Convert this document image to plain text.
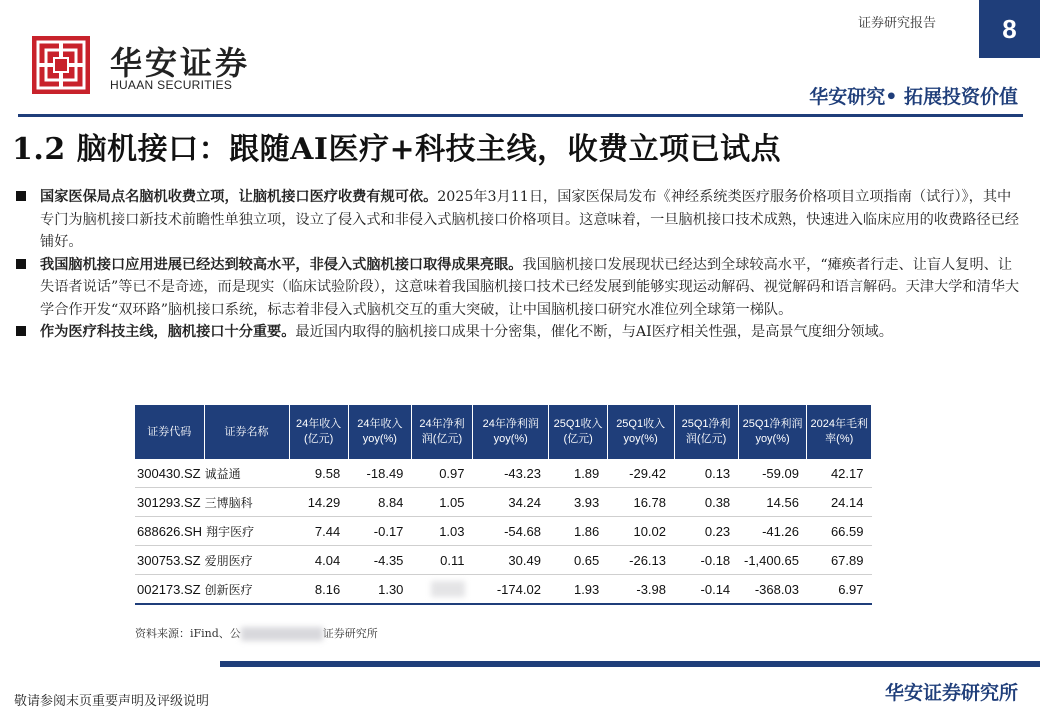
证券研究报告	8
华安证券
HUAAN SECURITIES
华安研究• 拓展投资价值
1.2 脑机接口：跟随AI医疗+科技主线，收费立项已试点
国家医保局点名脑机收费立项，让脑机接口医疗收费有规可依。2025年3月11日，国家医保局发布《神经系统类医疗服务价格项目立项指南（试行）》，其中专门为脑机接口新技术前瞻性单独立项，设立了侵入式和非侵入式脑机接口价格项目。这意味着，一旦脑机接口技术成熟，快速进入临床应用的收费路径已经铺好。
我国脑机接口应用进展已经达到较高水平，非侵入式脑机接口取得成果亮眼。我国脑机接口发展现状已经达到全球较高水平，“瘫痪者行走、让盲人复明、让失语者说话”等已不是奇迹，而是现实（临床试验阶段），这意味着我国脑机接口技术已经发展到能够实现运动解码、视觉解码和语言解码。天津大学和清华大学合作开发“双环路”脑机接口系统，标志着非侵入式脑机交互的重大突破，让中国脑机接口研究水准位列全球第一梯队。
作为医疗科技主线，脑机接口十分重要。最近国内取得的脑机接口成果十分密集，催化不断，与AI医疗相关性强，是高景气度细分领域。
证券代码	证券名称	24年收入(亿元)	24年收入yoy(%)	24年净利润(亿元)	24年净利润yoy(%)	25Q1收入(亿元)	25Q1收入yoy(%)	25Q1净利润(亿元)	25Q1净利润yoy(%)	2024年毛利率(%)
300430.SZ 诚益通		9.58	-18.49	0.97	-43.23	1.89	-29.42	0.13	-59.09	42.17
301293.SZ 三博脑科		14.29	8.84	1.05	34.24	3.93	16.78	0.38	14.56	24.14
688626.SH 翔宇医疗		7.44	-0.17	1.03	-54.68	1.86	10.02	0.23	-41.26	66.59
300753.SZ 爱朋医疗		4.04	-4.35	0.11	30.49	0.65	-26.13	-0.18	-1,400.65	67.89
002173.SZ 创新医疗		8.16	1.30		-174.02	1.93	-3.98	-0.14	-368.03	6.97
资料来源：iFind、公	证券研究所
敬请参阅末页重要声明及评级说明	华安证券研究所
